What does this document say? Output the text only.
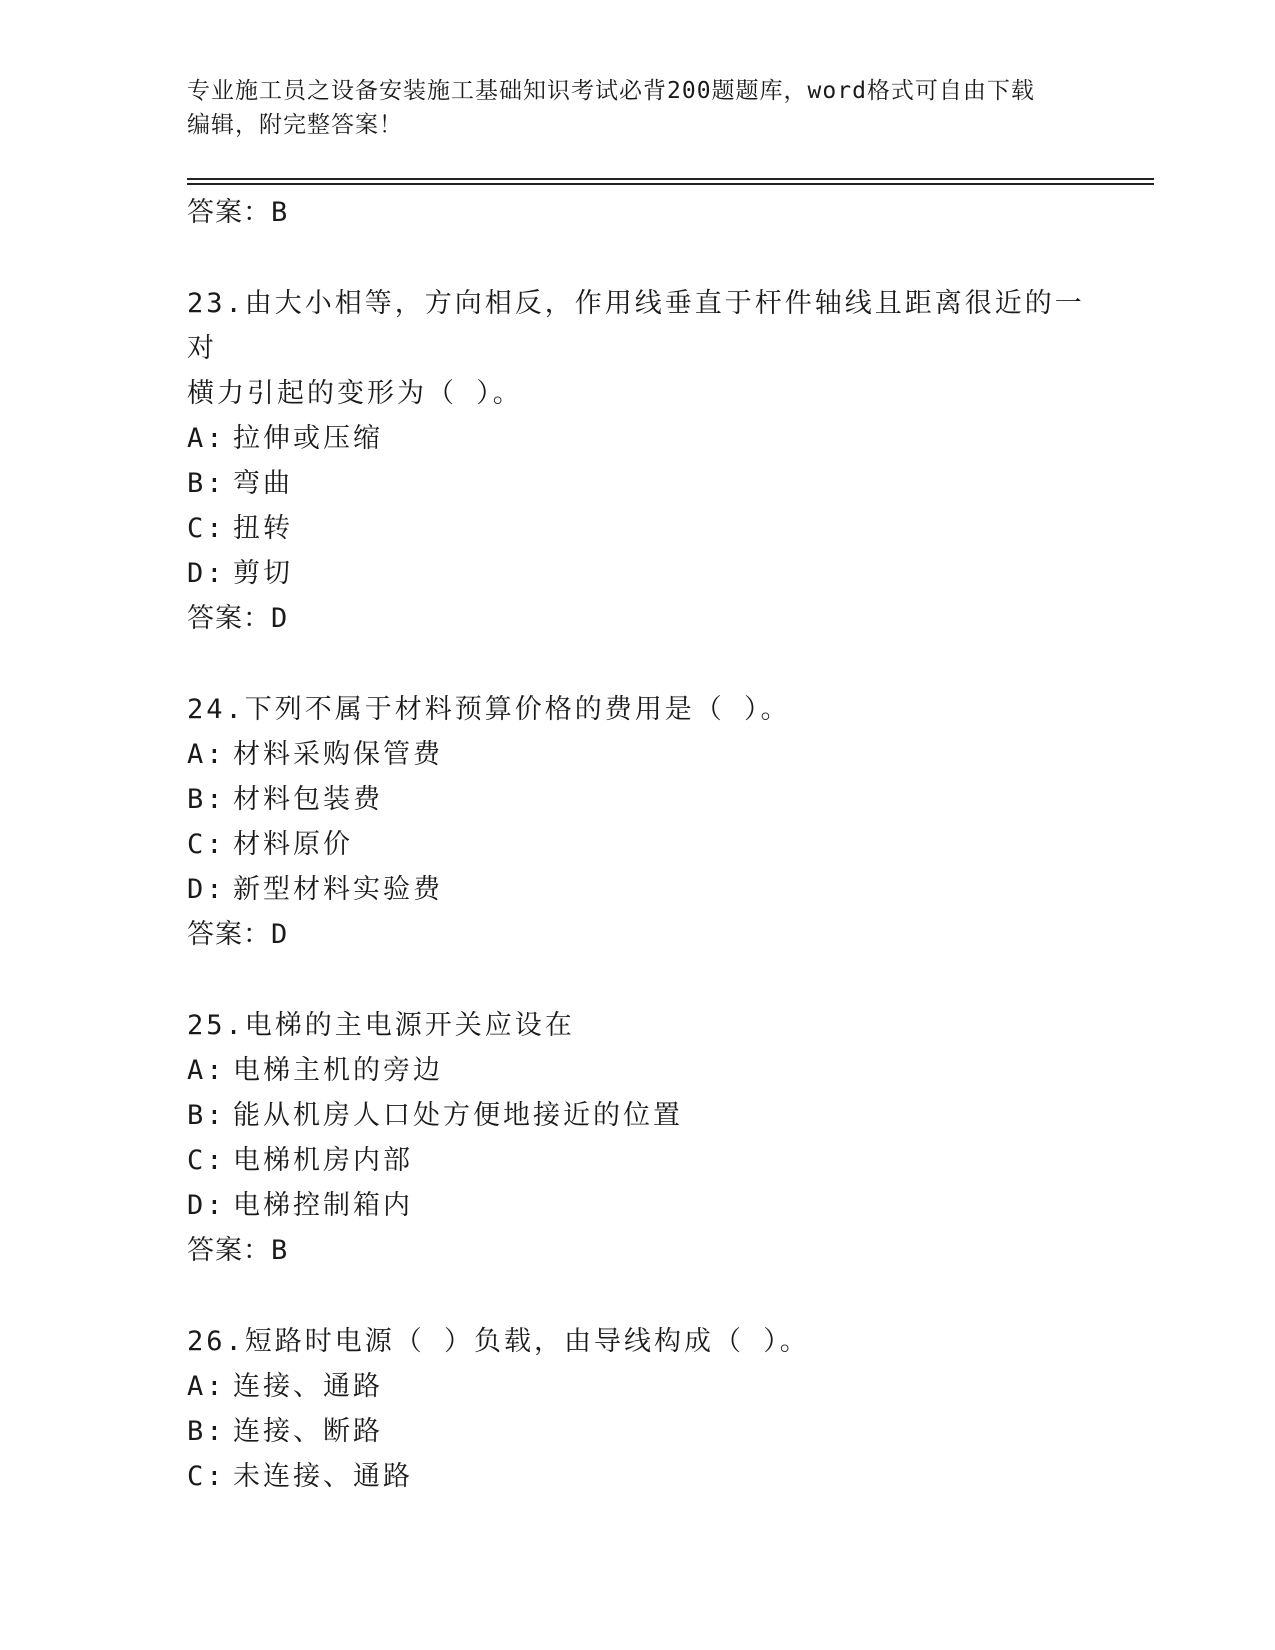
专业施工员之设备安装施工基础知识考试必背200题题库，word格式可自由下载
编辑，附完整答案！
答案：B
23.由大小相等，方向相反，作用线垂直于杆件轴线且距离很近的一对
横力引起的变形为（ ）。
A: 拉伸或压缩
B: 弯曲
C: 扭转
D: 剪切
答案：D
24.下列不属于材料预算价格的费用是（ ）。
A: 材料采购保管费
B: 材料包装费
C: 材料原价
D: 新型材料实验费
答案：D
25.电梯的主电源开关应设在
A: 电梯主机的旁边
B: 能从机房人口处方便地接近的位置
C: 电梯机房内部
D: 电梯控制箱内
答案：B
26.短路时电源（ ）负载，由导线构成（ ）。
A: 连接、通路
B: 连接、断路
C: 未连接、通路
